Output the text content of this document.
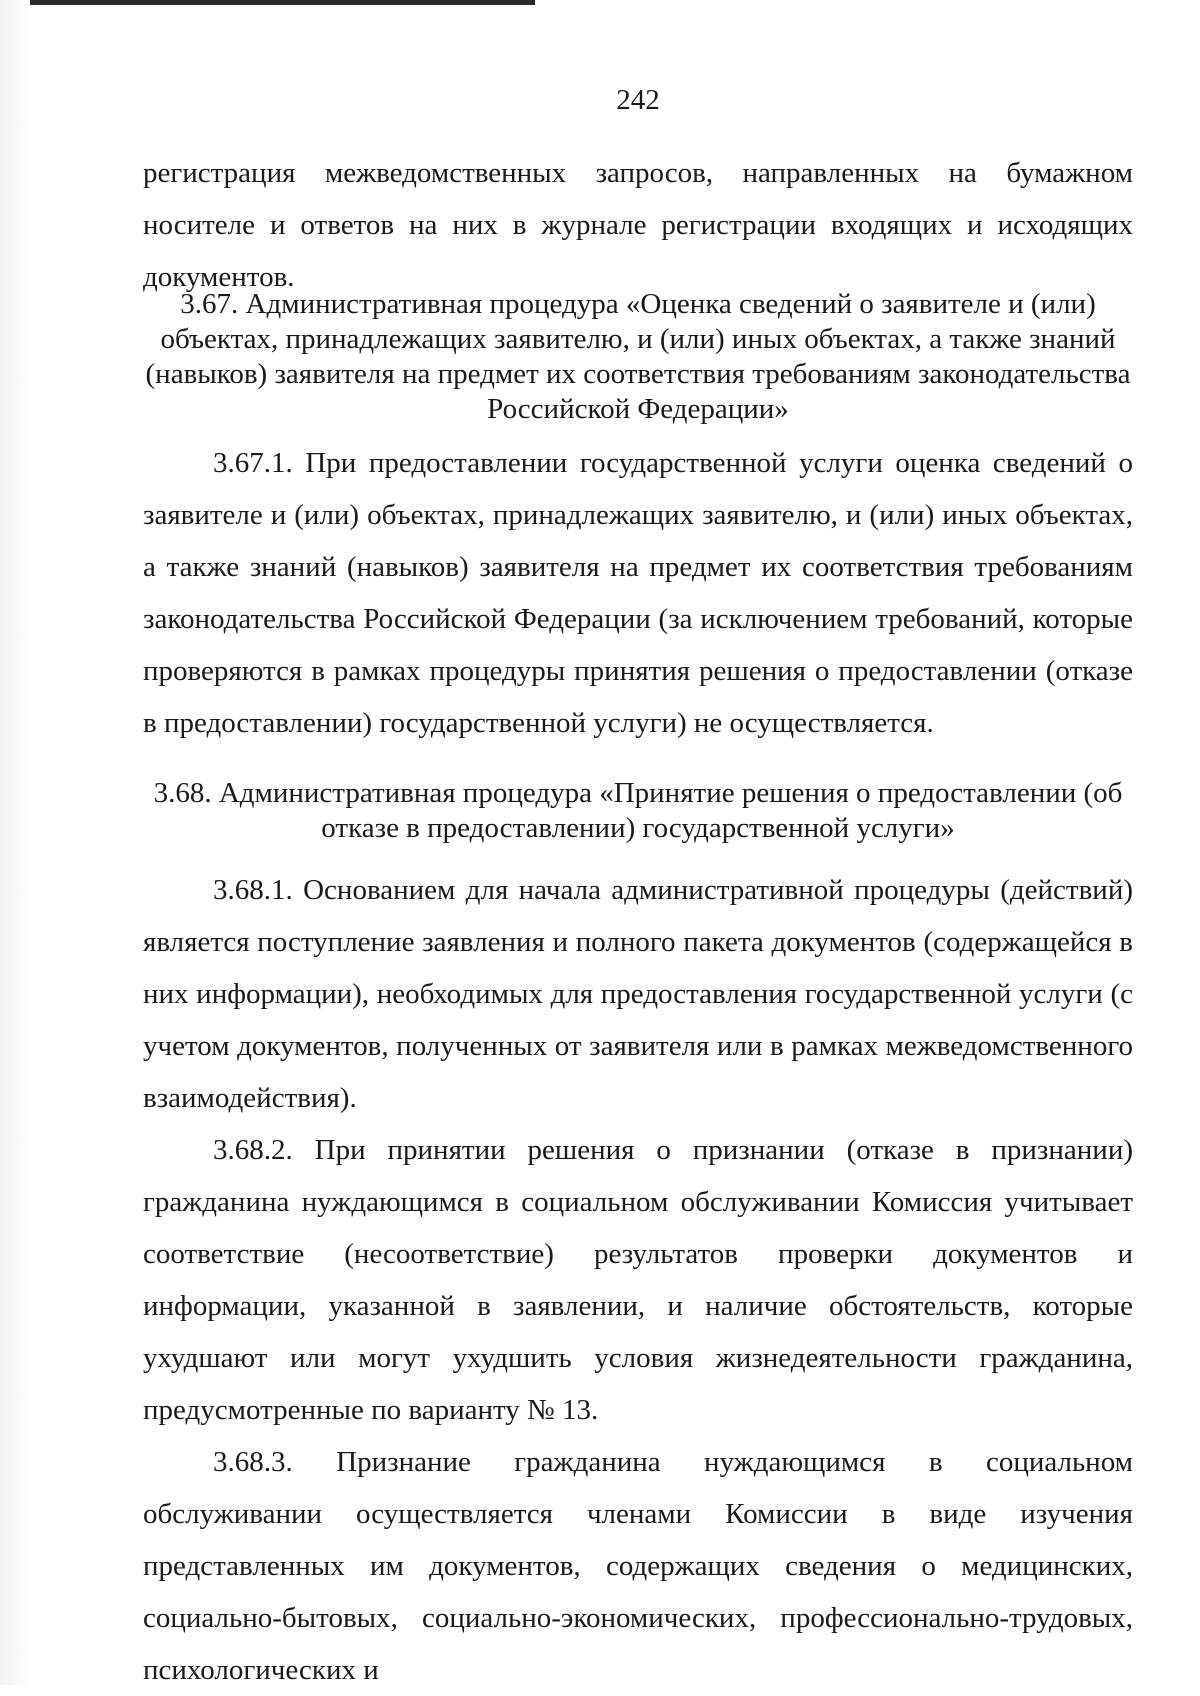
242

регистрация межведомственных запросов, направленных на бумажном носителе и ответов на них в журнале регистрации входящих и исходящих документов.

3.67. Административная процедура «Оценка сведений о заявителе и (или) объектах, принадлежащих заявителю, и (или) иных объектах, а также знаний (навыков) заявителя на предмет их соответствия требованиям законодательства Российской Федерации»

3.67.1. При предоставлении государственной услуги оценка сведений о заявителе и (или) объектах, принадлежащих заявителю, и (или) иных объектах, а также знаний (навыков) заявителя на предмет их соответствия требованиям законодательства Российской Федерации (за исключением требований, которые проверяются в рамках процедуры принятия решения о предоставлении (отказе в предоставлении) государственной услуги) не осуществляется.

3.68. Административная процедура «Принятие решения о предоставлении (об отказе в предоставлении) государственной услуги»

3.68.1. Основанием для начала административной процедуры (действий) является поступление заявления и полного пакета документов (содержащейся в них информации), необходимых для предоставления государственной услуги (с учетом документов, полученных от заявителя или в рамках межведомственного взаимодействия).

3.68.2. При принятии решения о признании (отказе в признании) гражданина нуждающимся в социальном обслуживании Комиссия учитывает соответствие (несоответствие) результатов проверки документов и информации, указанной в заявлении, и наличие обстоятельств, которые ухудшают или могут ухудшить условия жизнедеятельности гражданина, предусмотренные по варианту № 13.

3.68.3. Признание гражданина нуждающимся в социальном обслуживании осуществляется членами Комиссии в виде изучения представленных им документов, содержащих сведения о медицинских, социально-бытовых, социально-экономических, профессионально-трудовых, психологических и
